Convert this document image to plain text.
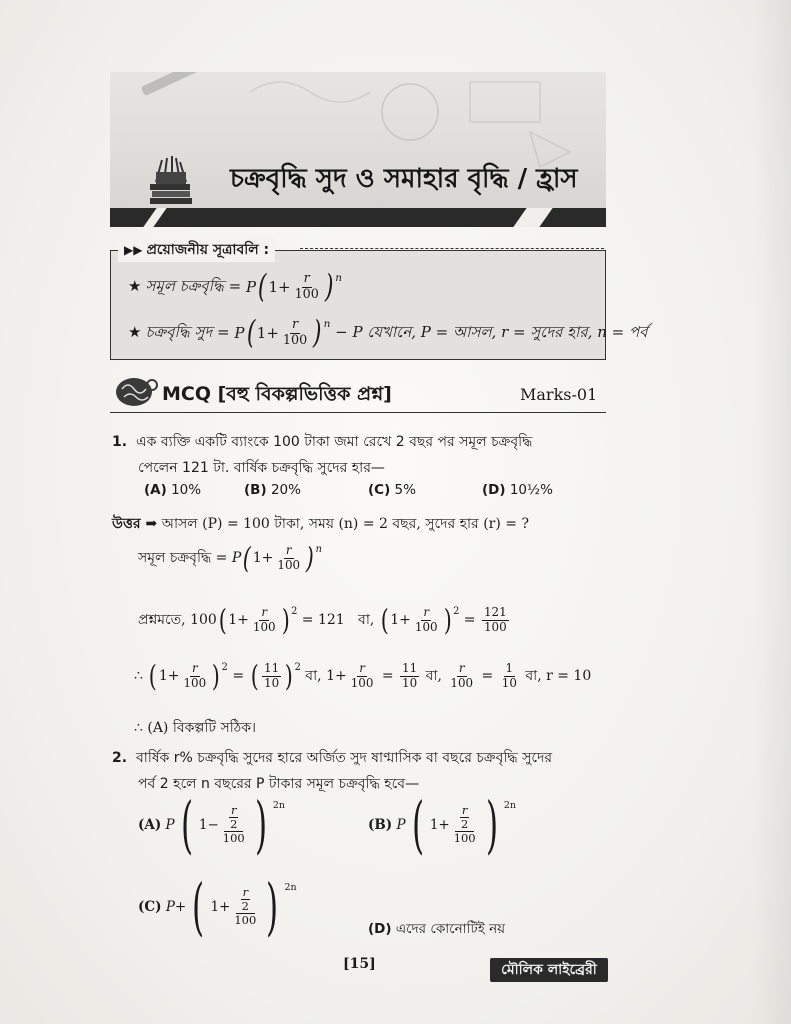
চক্রবৃদ্ধি সুদ ও সমাহার বৃদ্ধি / হ্রাস
▶▶ প্রয়োজনীয় সূত্রাবলি :
★ সমূল চক্রবৃদ্ধি = P ( $1+ \frac{r}{100} )^n$
★ চক্রবৃদ্ধি সুদ = P ( $1+ \frac{r}{100} )^n - P$ যেখানে, P = আসল, r = সুদের হার, n = পর্ব
MCQ [বহু বিকল্পভিত্তিক প্রশ্ন]	Marks-01
1. এক ব্যক্তি একটি ব্যাংকে 100 টাকা জমা রেখে 2 বছর পর সমূল চক্রবৃদ্ধি
পেলেন 121 টা. বার্ষিক চক্রবৃদ্ধি সুদের হার—
(A) 10%	(B) 20%	(C) 5%	(D) 10½%
উত্তর ➡ আসল (P) = 100 টাকা, সময় (n) = 2 বছর, সুদের হার (r) = ?
সমূল চক্রবৃদ্ধি = P ( $1+ \frac{r}{100} )^n$
প্রশ্নমতে, 100 ( $1+ \frac{r}{100} )^2$

= 121
বা,
( $1+ \frac{r}{100} )^2$
= $\frac{121}{100}$
∴
( $1+ \frac{r}{100} )^2$
= ( $\frac{11}{10} )^2$

বা,
$1+ \frac{r}{100} = \frac{11}{10}$
বা,
$\frac{r}{100} = \frac{1}{10}$
বা, r = 10
∴ (A) বিকল্পটি সঠিক।
2. বার্ষিক r% চক্রবৃদ্ধি সুদের হারে অর্জিত সুদ ষাণ্মাসিক বা বছরে চক্রবৃদ্ধি সুদের
পর্ব 2 হলে n বছরের P টাকার সমূল চক্রবৃদ্ধি হবে—
(A)
P ( $1- \frac{\frac{r}{2}}{100}$ ) $^{2n}$
(B)
P ( $1+ \frac{\frac{r}{2}}{100}$ ) $^{2n}$
(C)
P+ ( $1+ \frac{\frac{r}{2}}{100}$ ) $^{2n}$
(D) এদের কোনোটিই নয়
[15]	মৌলিক লাইব্রেরী
